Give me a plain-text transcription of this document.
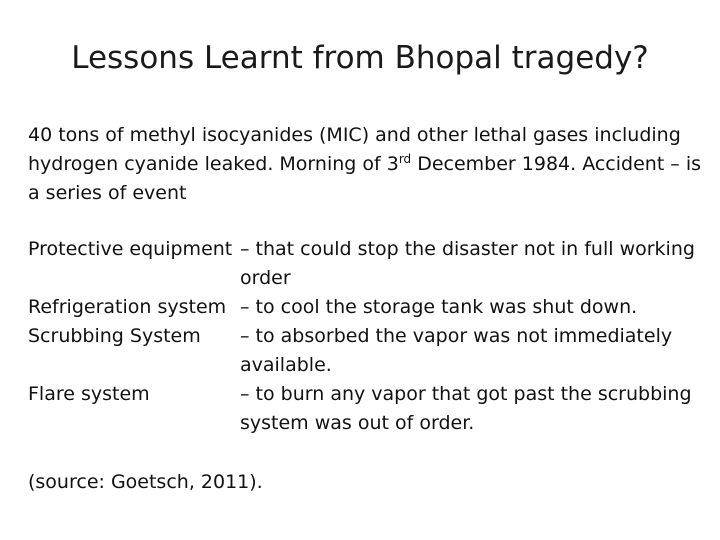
Lessons Learnt from Bhopal tragedy?
40 tons of methyl isocyanides (MIC) and other lethal gases including hydrogen cyanide leaked. Morning of 3rd December 1984. Accident – is a series of event
Protective equipment – that could stop the disaster not in full working order
Refrigeration system – to cool the storage tank was shut down.
Scrubbing System	– to absorbed the vapor was not immediately available.
Flare system	– to burn any vapor that got past the scrubbing system was out of order.
(source: Goetsch, 2011).
